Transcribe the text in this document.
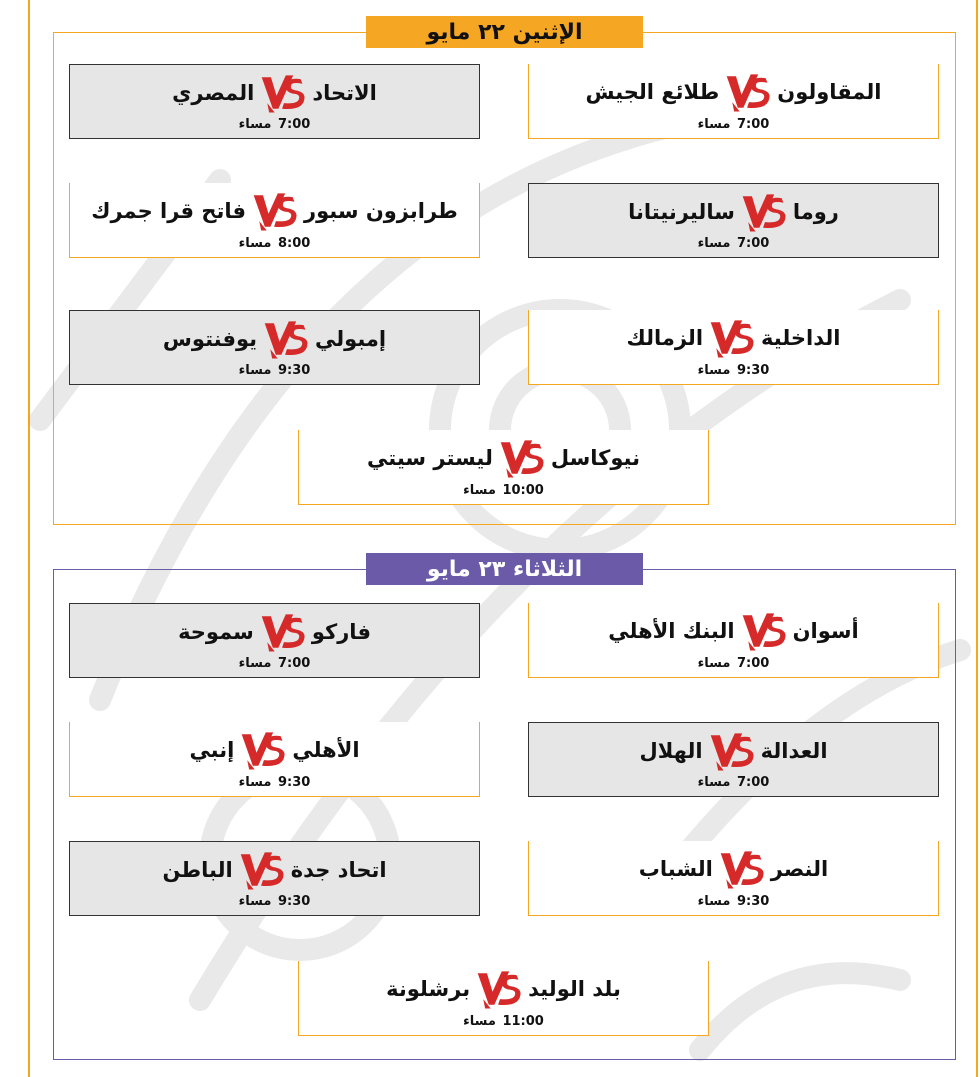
الإثنين ٢٢ مايو
الثلاثاء ٢٣ مايو
المقاولون
طلائع الجيش
7:00 مساء
الاتحاد
المصري
7:00 مساء
روما
ساليرنيتانا
7:00 مساء
طرابزون سبور
فاتح قرا جمرك
8:00 مساء
الداخلية
الزمالك
9:30 مساء
إمبولي
يوفنتوس
9:30 مساء
نيوكاسل
ليستر سيتي
10:00 مساء
أسوان
البنك الأهلي
7:00 مساء
فاركو
سموحة
7:00 مساء
العدالة
الهلال
7:00 مساء
الأهلي
إنبي
9:30 مساء
النصر
الشباب
9:30 مساء
اتحاد جدة
الباطن
9:30 مساء
بلد الوليد
برشلونة
11:00 مساء
